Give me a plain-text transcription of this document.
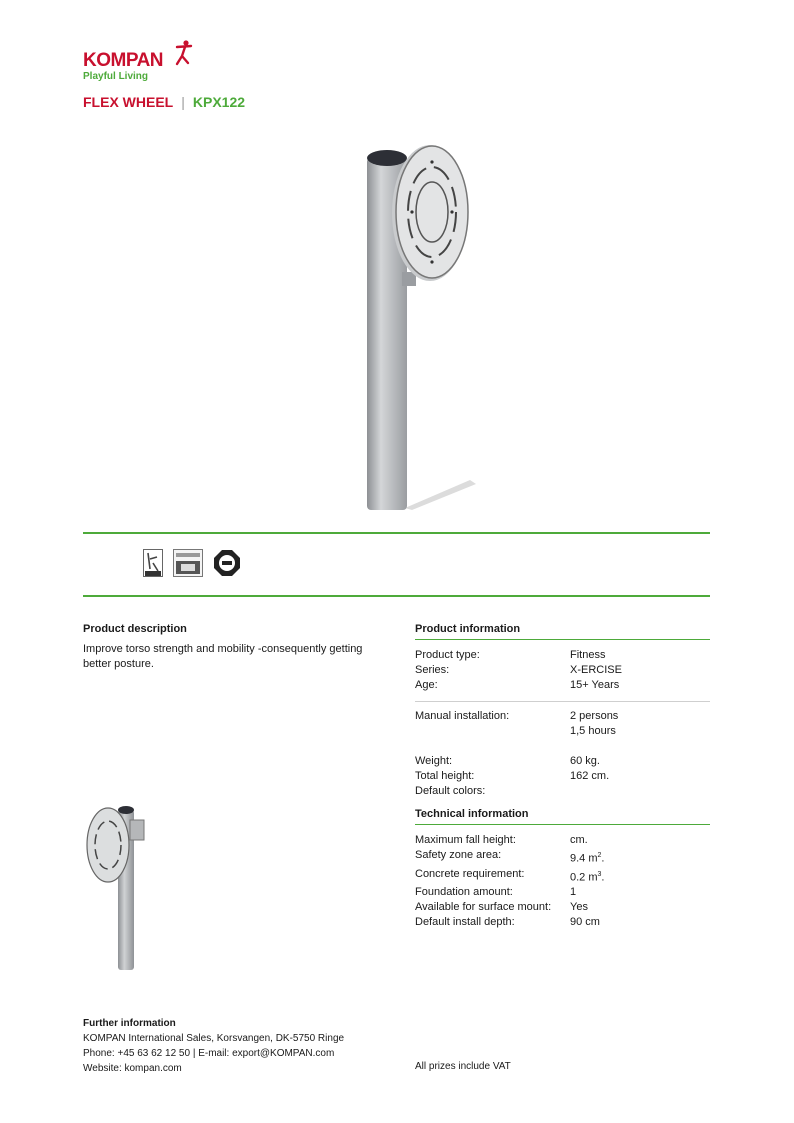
KOMPAN
Playful Living
FLEX WHEEL | KPX122
Product description
Improve torso strength and mobility -consequently getting better posture.
Product information
Product type:	Fitness
Series:	X-ERCISE
Age:	15+ Years
Manual installation:	2 persons
1,5 hours
Weight:	60 kg.
Total height:	162 cm.
Default colors:
Technical information
Maximum fall height:	cm.
Safety zone area:	9.4 $m^2$.
Concrete requirement:	0.2 $m^3$.
Foundation amount:	1
Available for surface mount:	Yes
Default install depth:	90 cm
Further information
KOMPAN International Sales, Korsvangen, DK-5750 Ringe
Phone: +45 63 62 12 50 | E-mail: export@KOMPAN.com
Website: kompan.com	All prizes include VAT
